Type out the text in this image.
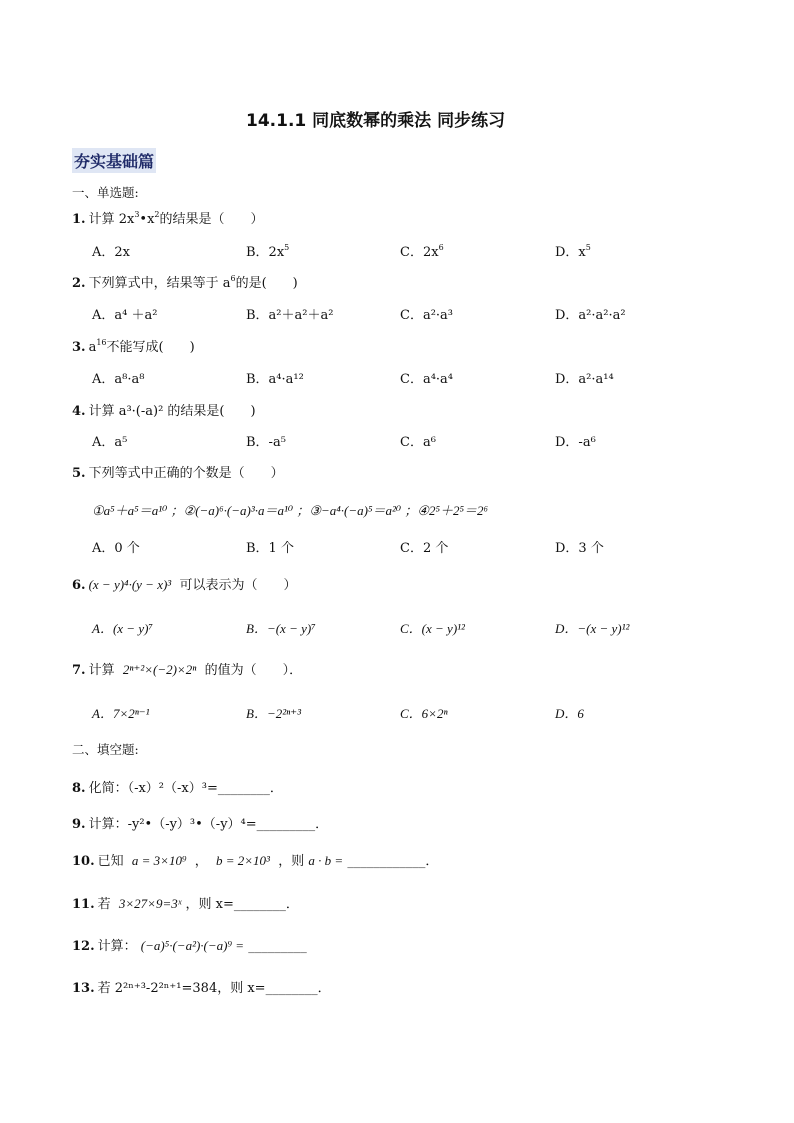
14.1.1 同底数幂的乘法 同步练习
夯实基础篇
一、单选题:
1. 计算 $2x^3•x^2$的结果是（　　）
A．2x	B．$2x^5$	C．$2x^6$	D．$x^5$
2. 下列算式中，结果等于 $a^6$的是(　　)
A．a⁴ ＋a²	B．a²＋a²＋a²	C．a²·a³	D．a²·a²·a²
3. $a^{16}$不能写成(　　)
A．a⁸·a⁸	B．a⁴·a¹²	C．a⁴·a⁴	D．a²·a¹⁴
4. 计算 a³·(-a)² 的结果是(　　)
A．a⁵	B．-a⁵	C．a⁶	D．-a⁶
5. 下列等式中正确的个数是（　　）
①a⁵＋a⁵＝a¹⁰ ；②(−a)⁶·(−a)³·a＝a¹⁰ ；③−a⁴·(−a)⁵＝a²⁰ ；④2⁵＋2⁵＝2⁶
A．0 个	B．1 个	C．2 个	D．3 个
6. (x − y)⁴·(y − x)³ 可以表示为（　　）
A．(x − y)⁷	B．−(x − y)⁷	C．(x − y)¹²	D．−(x − y)¹²
7. 计算 2ⁿ⁺²×(−2)×2ⁿ 的值为（　　）．
A．7×2ⁿ⁻¹	B．−2²ⁿ⁺³	C．6×2ⁿ	D．6
二、填空题:
8. 化简：（-x）²（-x）³=________．
9. 计算：-y²•（-y）³•（-y）⁴=_________．
10. 已知 a = 3×10⁹  ，  b = 2×10³ ，则 a · b = ____________．
11. 若 3×27×9=3ˣ ，则 x=________．
12. 计算： (−a)⁵·(−a²)·(−a)⁹ = _________
13. 若 2²ⁿ⁺³-2²ⁿ⁺¹=384，则 x=________．
